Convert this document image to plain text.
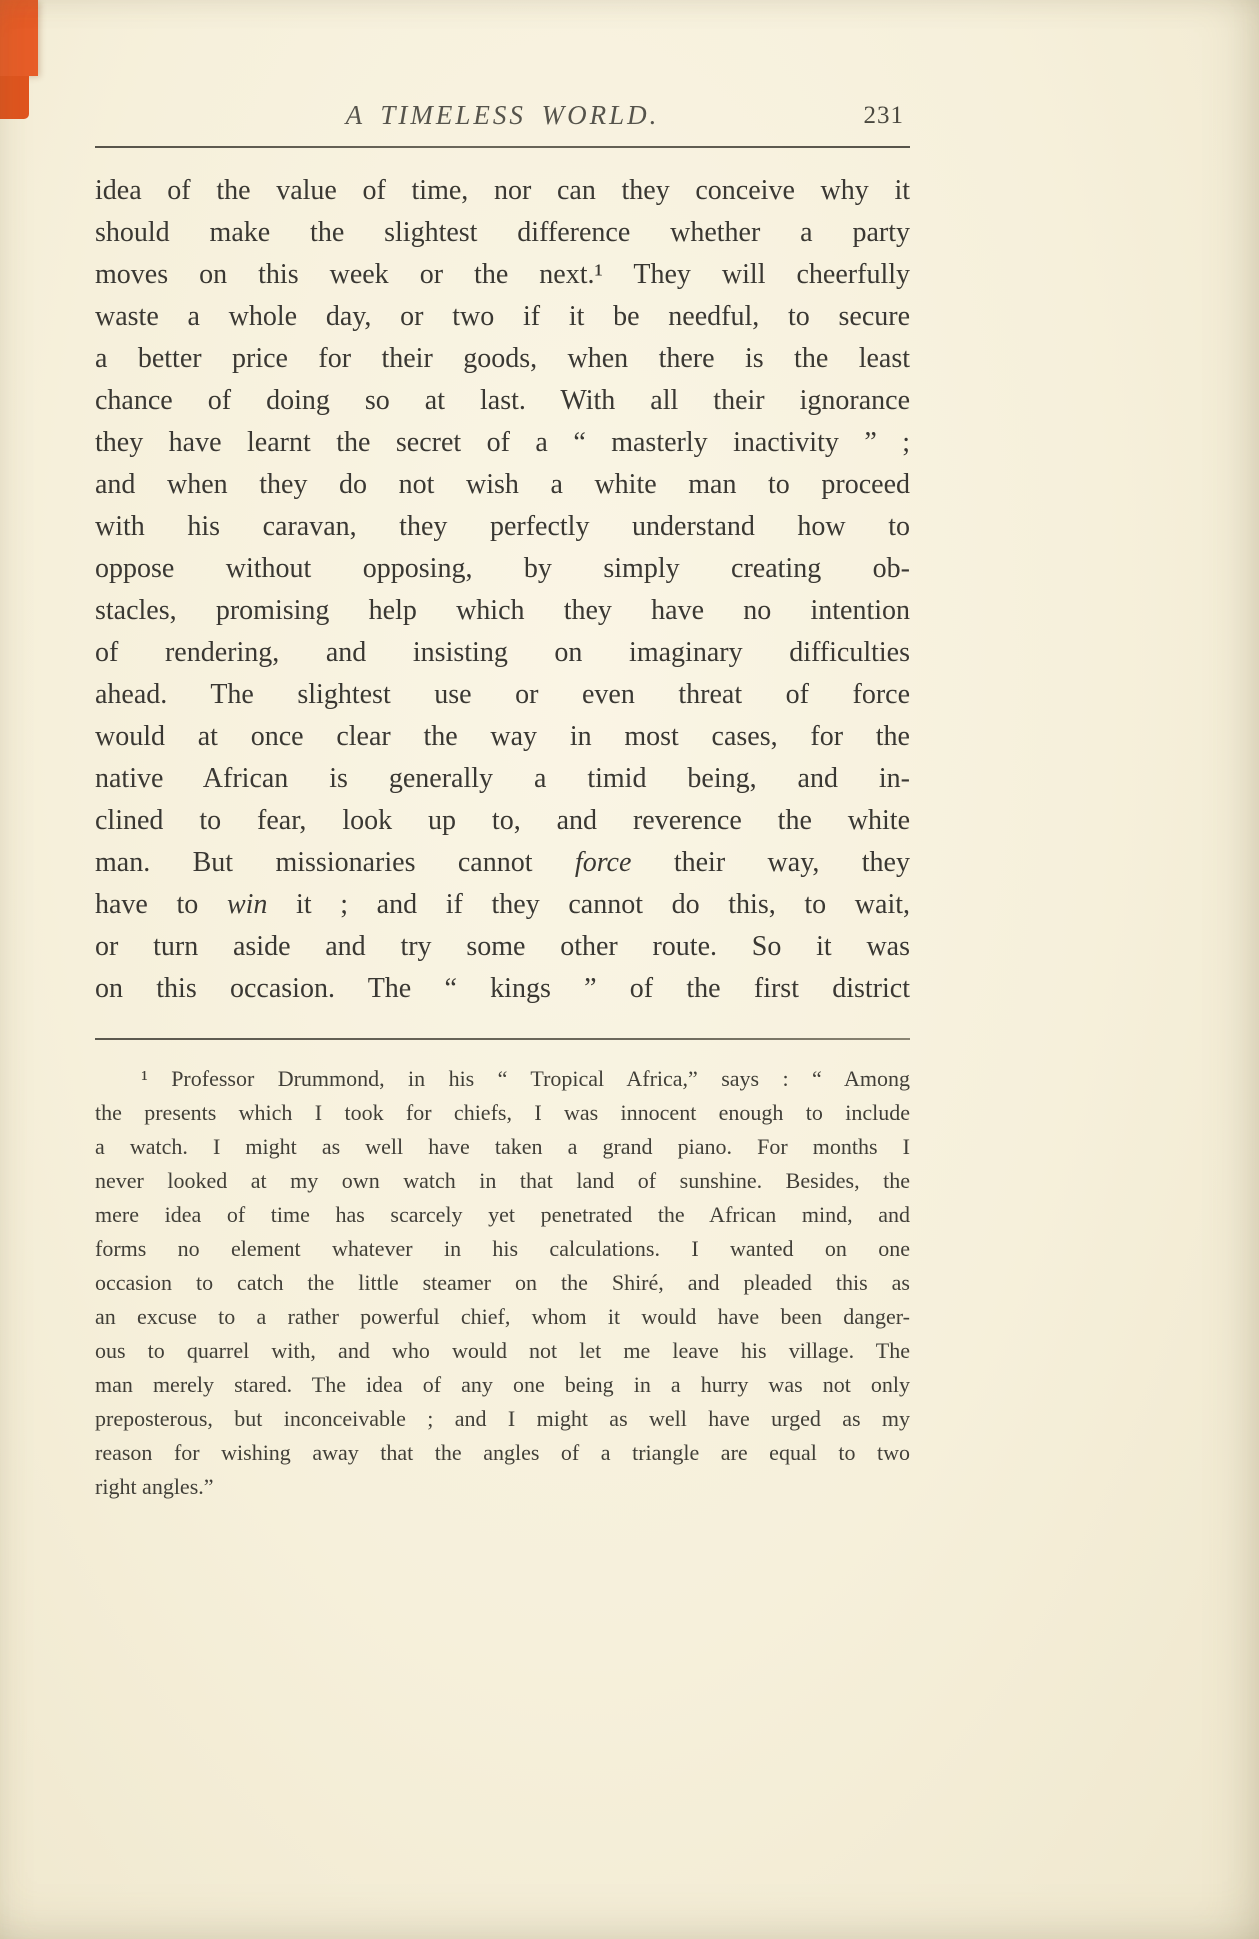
A TIMELESS WORLD.	231
idea of the value of time, nor can they conceive why it
should make the slightest difference whether a party
moves on this week or the next.¹ They will cheerfully
waste a whole day, or two if it be needful, to secure
a better price for their goods, when there is the least
chance of doing so at last. With all their ignorance
they have learnt the secret of a “ masterly inactivity ” ;
and when they do not wish a white man to proceed
with his caravan, they perfectly understand how to
oppose without opposing, by simply creating ob-
stacles, promising help which they have no intention
of rendering, and insisting on imaginary difficulties
ahead. The slightest use or even threat of force
would at once clear the way in most cases, for the
native African is generally a timid being, and in-
clined to fear, look up to, and reverence the white
man. But missionaries cannot force their way, they
have to win it ; and if they cannot do this, to wait,
or turn aside and try some other route. So it was
on this occasion. The “ kings ” of the first district
¹ Professor Drummond, in his “ Tropical Africa,” says : “ Among
the presents which I took for chiefs, I was innocent enough to include
a watch. I might as well have taken a grand piano. For months I
never looked at my own watch in that land of sunshine. Besides, the
mere idea of time has scarcely yet penetrated the African mind, and
forms no element whatever in his calculations. I wanted on one
occasion to catch the little steamer on the Shiré, and pleaded this as
an excuse to a rather powerful chief, whom it would have been danger-
ous to quarrel with, and who would not let me leave his village. The
man merely stared. The idea of any one being in a hurry was not only
preposterous, but inconceivable ; and I might as well have urged as my
reason for wishing away that the angles of a triangle are equal to two
right angles.”
